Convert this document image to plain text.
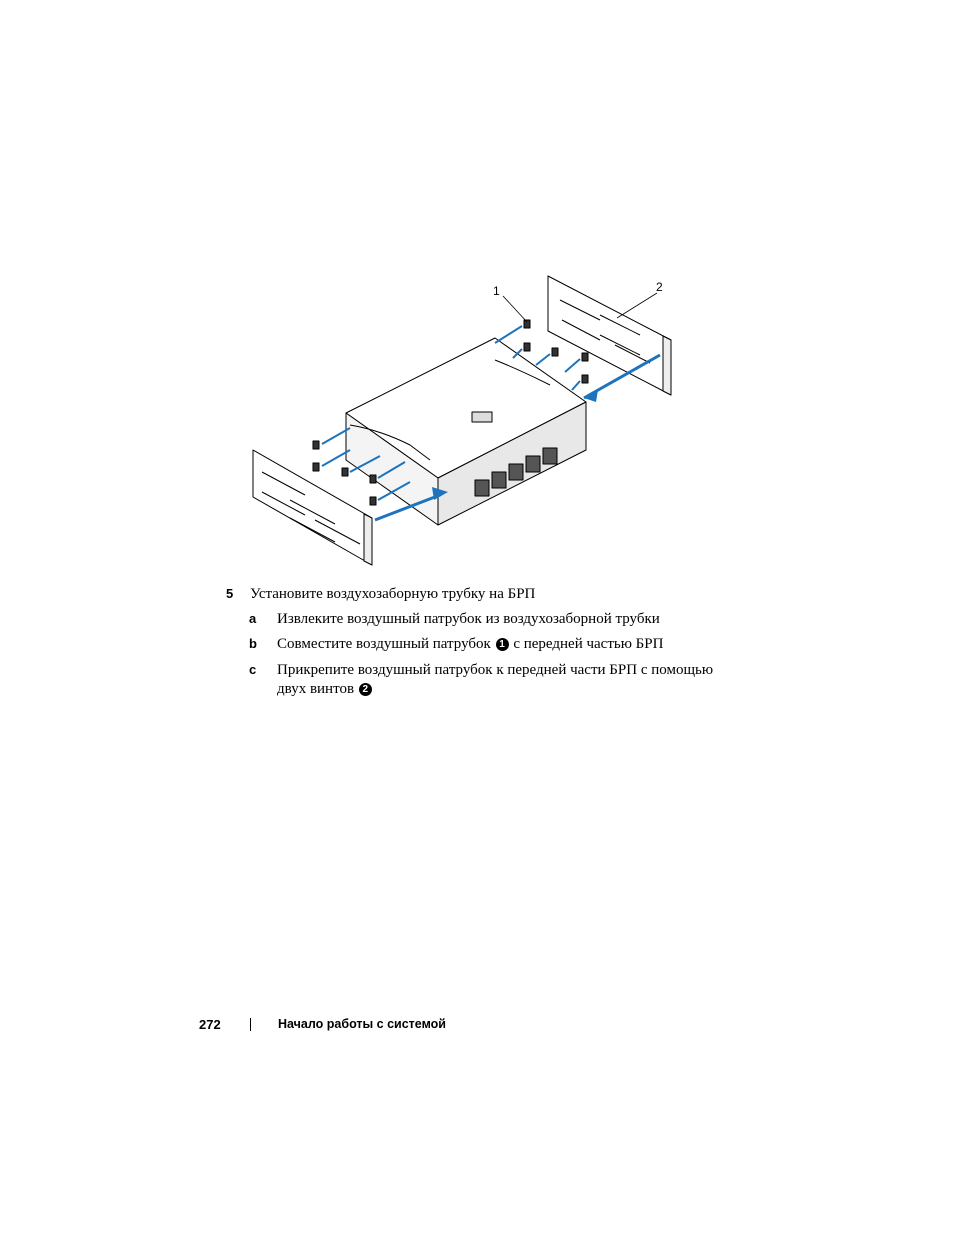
1	2
5 Установите воздухозаборную трубку на БРП
a Извлеките воздушный патрубок из воздухозаборной трубки
b Совместите воздушный патрубок 1 с передней частью БРП
c Прикрепите воздушный патрубок к передней части БРП с помощью
двух винтов 2
272	Начало работы с системой
